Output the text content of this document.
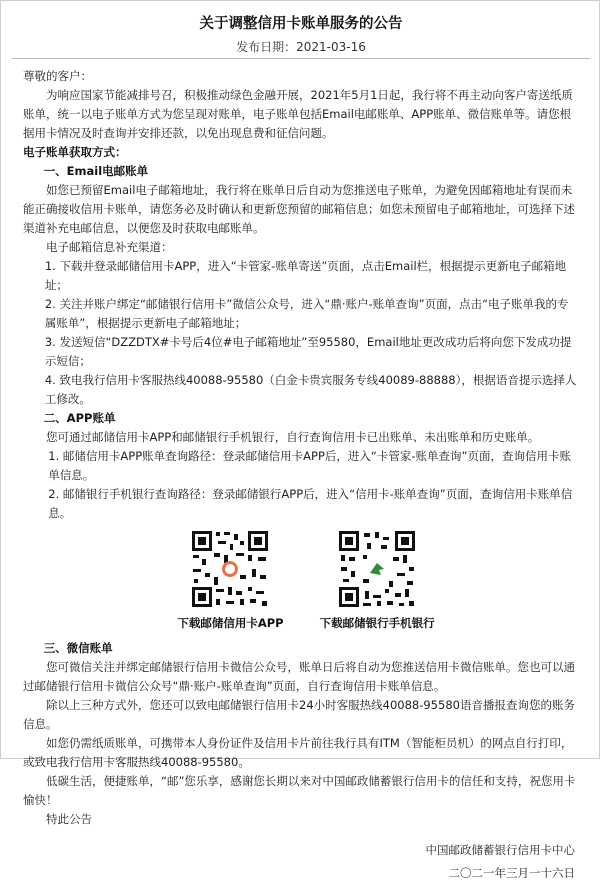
关于调整信用卡账单服务的公告
发布日期：2021-03-16

尊敬的客户：

为响应国家节能减排号召，积极推动绿色金融开展，2021年5月1日起，我行将不再主动向客户寄送纸质账单，统一以电子账单方式为您呈现对账单，电子账单包括Email电邮账单、APP账单、微信账单等。请您根据用卡情况及时查询并安排还款，以免出现息费和征信问题。

电子账单获取方式：

一、Email电邮账单

如您已预留Email电子邮箱地址，我行将在账单日后自动为您推送电子账单，为避免因邮箱地址有误而未能正确接收信用卡账单，请您务必及时确认和更新您预留的邮箱信息；如您未预留电子邮箱地址，可选择下述渠道补充电邮信息，以便您及时获取电邮账单。

电子邮箱信息补充渠道：

1. 下载并登录邮储信用卡APP，进入“卡管家-账单寄送”页面，点击Email栏，根据提示更新电子邮箱地址；

2. 关注并账户绑定“邮储银行信用卡”微信公众号，进入“鼎·账户-账单查询”页面，点击“电子账单我的专属账单”，根据提示更新电子邮箱地址；

3. 发送短信“DZZDTX#卡号后4位#电子邮箱地址”至95580，Email地址更改成功后将向您下发成功提示短信；

4. 致电我行信用卡客服热线40088-95580（白金卡贵宾服务专线40089-88888），根据语音提示选择人工修改。

二、APP账单

您可通过邮储信用卡APP和邮储银行手机银行，自行查询信用卡已出账单、未出账单和历史账单。

1. 邮储信用卡APP账单查询路径：登录邮储信用卡APP后，进入“卡管家-账单查询”页面，查询信用卡账单信息。

2. 邮储银行手机银行查询路径：登录邮储银行APP后，进入“信用卡-账单查询”页面，查询信用卡账单信息。

下载邮储信用卡APP	下载邮储银行手机银行

三、微信账单

您可微信关注并绑定邮储银行信用卡微信公众号，账单日后将自动为您推送信用卡微信账单。您也可以通过邮储银行信用卡微信公众号“鼎·账户-账单查询”页面，自行查询信用卡账单信息。

除以上三种方式外，您还可以致电邮储银行信用卡24小时客服热线40088-95580语音播报查询您的账务信息。

如您仍需纸质账单，可携带本人身份证件及信用卡片前往我行具有ITM（智能柜员机）的网点自行打印，或致电我行信用卡客服热线40088-95580。

低碳生活，便捷账单，“邮”您乐享，感谢您长期以来对中国邮政储蓄银行信用卡的信任和支持，祝您用卡愉快！

特此公告

中国邮政储蓄银行信用卡中心

二〇二一年三月一十六日
